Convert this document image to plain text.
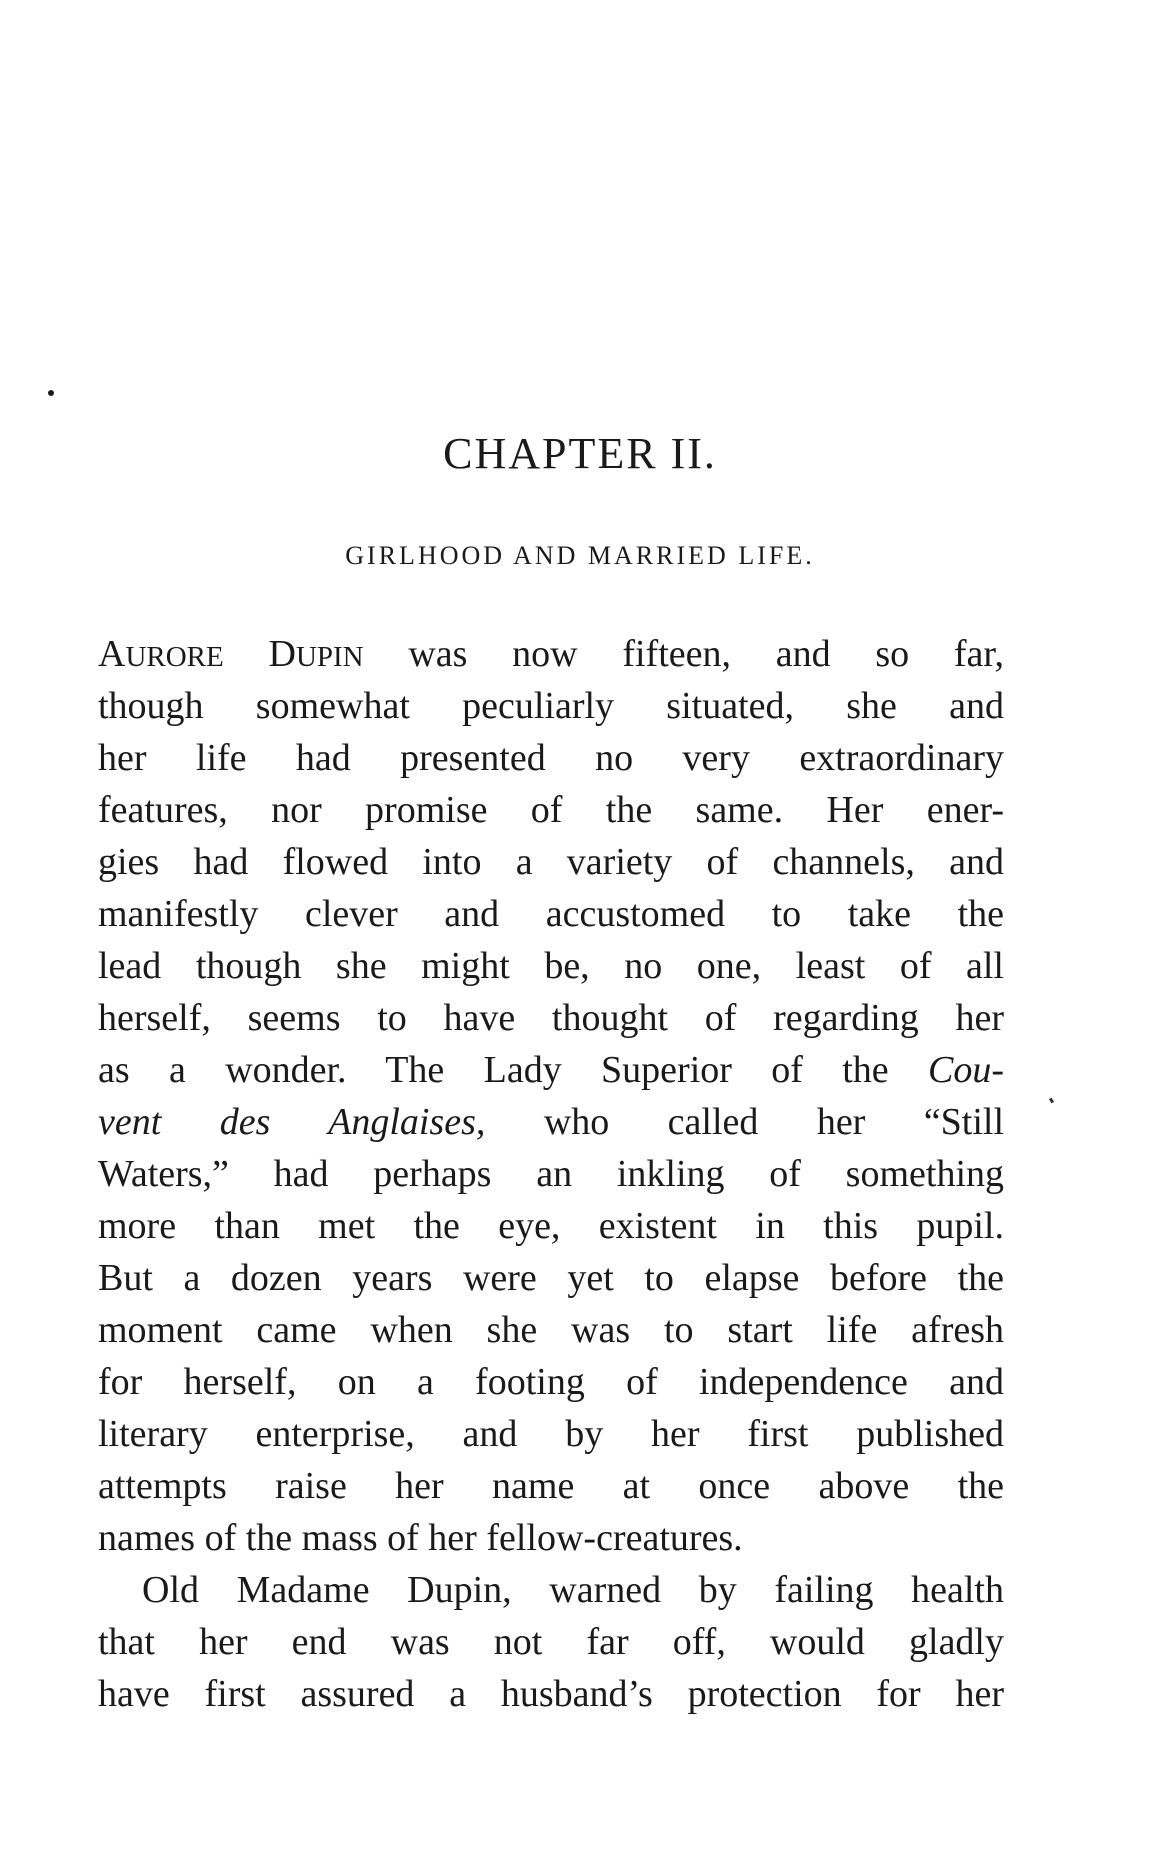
CHAPTER II.
GIRLHOOD AND MARRIED LIFE.
AURORE DUPIN was now fifteen, and so far,
though somewhat peculiarly situated, she and
her life had presented no very extraordinary
features, nor promise of the same. Her ener-
gies had flowed into a variety of channels, and
manifestly clever and accustomed to take the
lead though she might be, no one, least of all
herself, seems to have thought of regarding her
as a wonder. The Lady Superior of the Cou-
vent des Anglaises, who called her “Still
Waters,” had perhaps an inkling of something
more than met the eye, existent in this pupil.
But a dozen years were yet to elapse before the
moment came when she was to start life afresh
for herself, on a footing of independence and
literary enterprise, and by her first published
attempts raise her name at once above the
names of the mass of her fellow-creatures.
Old Madame Dupin, warned by failing health
that her end was not far off, would gladly
have first assured a husband’s protection for her
